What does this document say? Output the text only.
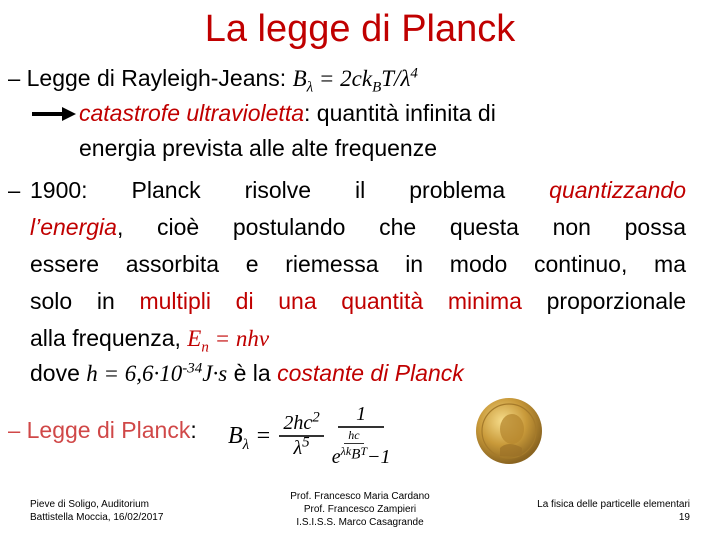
La legge di Planck
– Legge di Rayleigh-Jeans: $B_\lambda = 2ck_BT/\lambda^4$
catastrofe ultravioletta: quantità infinita di
energia prevista alle alte frequenze
– 1900: Planck risolve il problema quantizzando
l’energia, cioè postulando che questa non possa
essere assorbita e riemessa in modo continuo, ma
solo in multipli di una quantità minima proporzionale
alla frequenza, $E_n = nh\nu$
dove $h = 6,6\cdot 10^{-34}J\cdot s$ è la costante di Planck
– Legge di Planck: $B_\lambda = \frac{2hc^2}{\lambda^5} \frac{1}{e \frac{hc}{\lambda k_BT} -1}$
Pieve di Soligo, Auditorium
Battistella Moccia, 16/02/2017
Prof. Francesco Maria Cardano
Prof. Francesco Zampieri
I.S.I.S.S. Marco Casagrande
La fisica delle particelle elementari
19
